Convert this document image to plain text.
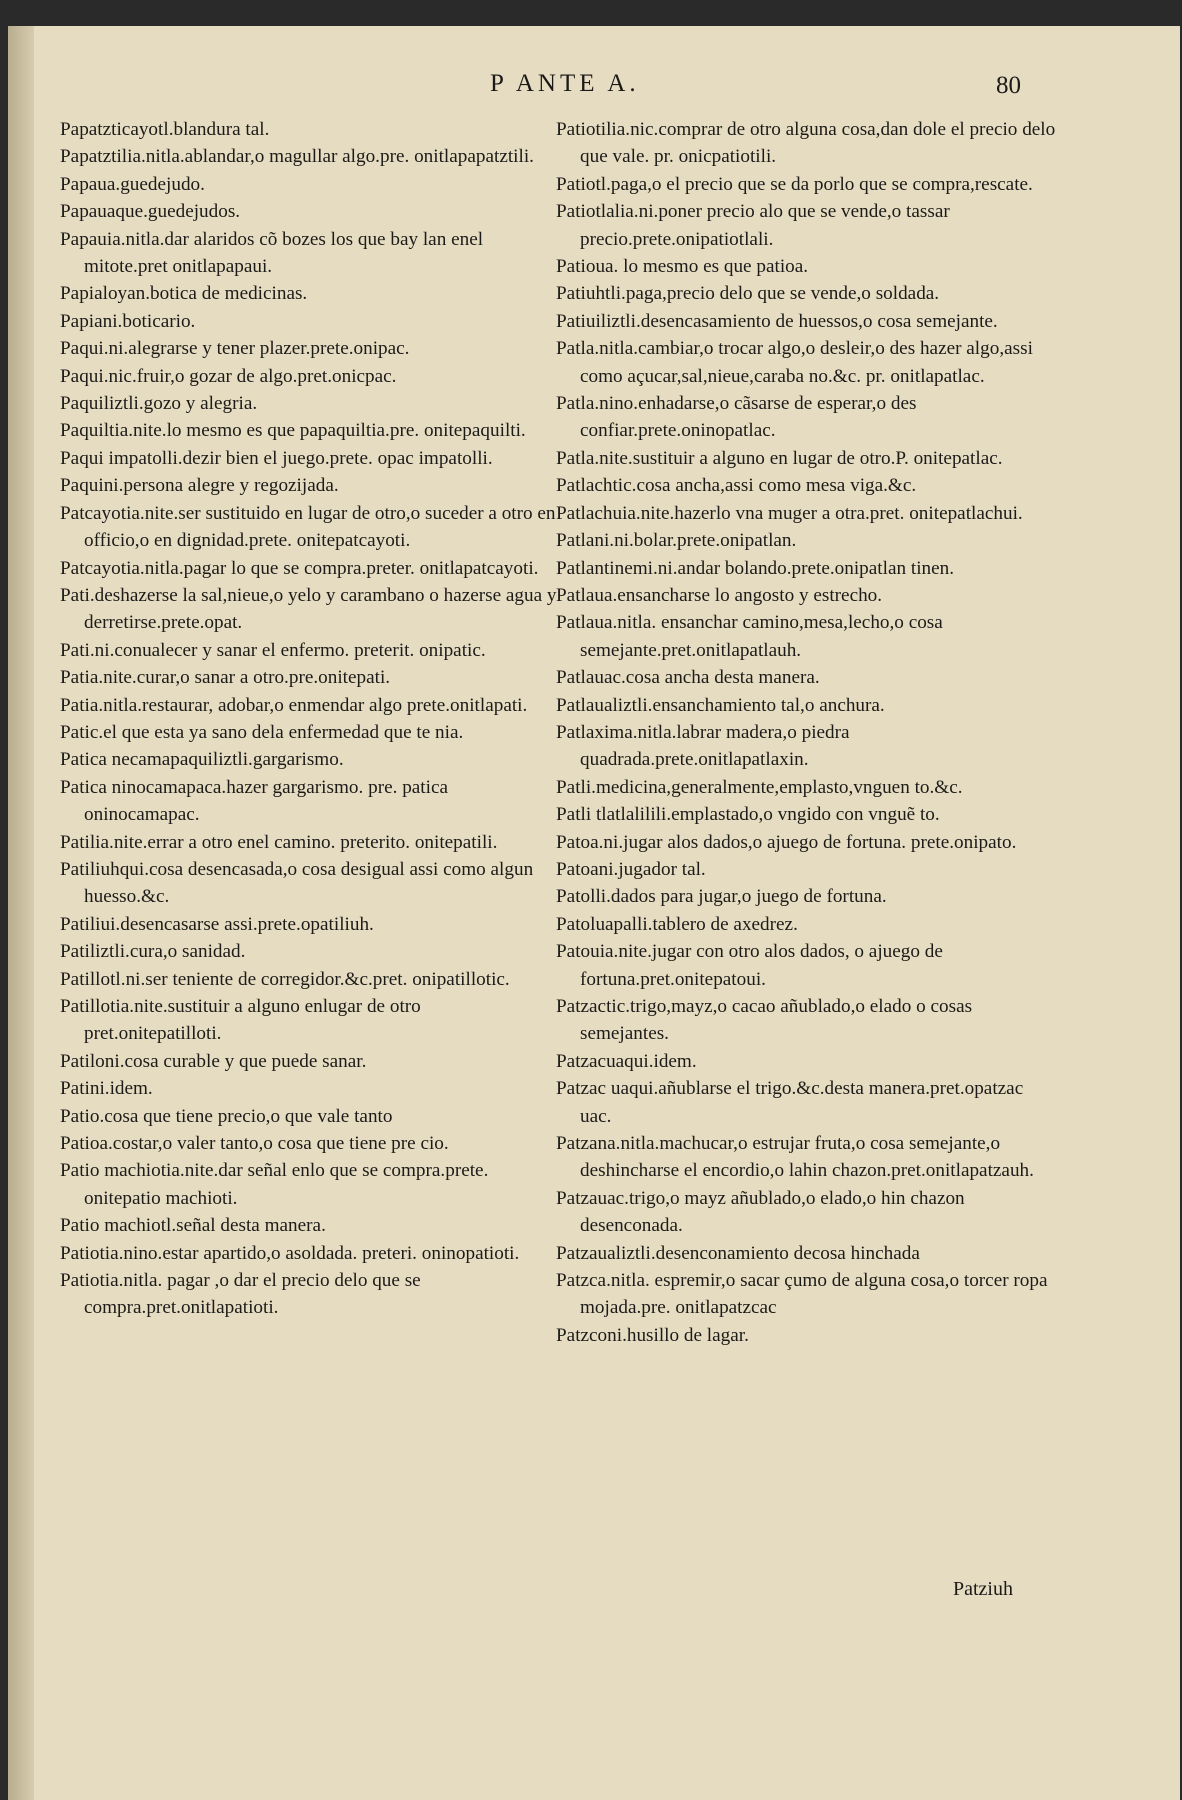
P ANTE A.	80

Papatzticayotl.blandura tal.

Papatztilia.nitla.ablandar,o magullar algo.pre. onitlapapatztili.

Papaua.guedejudo.

Papauaque.guedejudos.

Papauia.nitla.dar alaridos cõ bozes los que bay lan enel mitote.pret onitlapapaui.

Papialoyan.botica de medicinas.

Papiani.boticario.

Paqui.ni.alegrarse y tener plazer.prete.onipac.

Paqui.nic.fruir,o gozar de algo.pret.onicpac.

Paquiliztli.gozo y alegria.

Paquiltia.nite.lo mesmo es que papaquiltia.pre. onitepaquilti.

Paqui impatolli.dezir bien el juego.prete. opac impatolli.

Paquini.persona alegre y regozijada.

Patcayotia.nite.ser sustituido en lugar de otro,o suceder a otro en officio,o en dignidad.prete. onitepatcayoti.

Patcayotia.nitla.pagar lo que se compra.preter. onitlapatcayoti.

Pati.deshazerse la sal,nieue,o yelo y carambano o hazerse agua y derretirse.prete.opat.

Pati.ni.conualecer y sanar el enfermo. preterit. onipatic.

Patia.nite.curar,o sanar a otro.pre.onitepati.

Patia.nitla.restaurar, adobar,o enmendar algo prete.onitlapati.

Patic.el que esta ya sano dela enfermedad que te nia.

Patica necamapaquiliztli.gargarismo.

Patica ninocamapaca.hazer gargarismo. pre. patica oninocamapac.

Patilia.nite.errar a otro enel camino. preterito. onitepatili.

Patiliuhqui.cosa desencasada,o cosa desigual assi como algun huesso.&c.

Patiliui.desencasarse assi.prete.opatiliuh.

Patiliztli.cura,o sanidad.

Patillotl.ni.ser teniente de corregidor.&c.pret. onipatillotic.

Patillotia.nite.sustituir a alguno enlugar de otro pret.onitepatilloti.

Patiloni.cosa curable y que puede sanar.

Patini.idem.

Patio.cosa que tiene precio,o que vale tanto

Patioa.costar,o valer tanto,o cosa que tiene pre cio.

Patio machiotia.nite.dar señal enlo que se compra.prete. onitepatio machioti.

Patio machiotl.señal desta manera.

Patiotia.nino.estar apartido,o asoldada. preteri. oninopatioti.

Patiotia.nitla. pagar ,o dar el precio delo que se compra.pret.onitlapatioti.

Patiotilia.nic.comprar de otro alguna cosa,dan dole el precio delo que vale. pr. onicpatiotili.

Patiotl.paga,o el precio que se da porlo que se compra,rescate.

Patiotlalia.ni.poner precio alo que se vende,o tassar precio.prete.onipatiotlali.

Patioua. lo mesmo es que patioa.

Patiuhtli.paga,precio delo que se vende,o soldada.

Patiuiliztli.desencasamiento de huessos,o cosa semejante.

Patla.nitla.cambiar,o trocar algo,o desleir,o des hazer algo,assi como açucar,sal,nieue,caraba no.&c. pr. onitlapatlac.

Patla.nino.enhadarse,o cãsarse de esperar,o des confiar.prete.oninopatlac.

Patla.nite.sustituir a alguno en lugar de otro.P. onitepatlac.

Patlachtic.cosa ancha,assi como mesa viga.&c.

Patlachuia.nite.hazerlo vna muger a otra.pret. onitepatlachui.

Patlani.ni.bolar.prete.onipatlan.

Patlantinemi.ni.andar bolando.prete.onipatlan tinen.

Patlaua.ensancharse lo angosto y estrecho.

Patlaua.nitla. ensanchar camino,mesa,lecho,o cosa semejante.pret.onitlapatlauh.

Patlauac.cosa ancha desta manera.

Patlaualiztli.ensanchamiento tal,o anchura.

Patlaxima.nitla.labrar madera,o piedra quadrada.prete.onitlapatlaxin.

Patli.medicina,generalmente,emplasto,vnguen to.&c.

Patli tlatlalilili.emplastado,o vngido con vnguẽ to.

Patoa.ni.jugar alos dados,o ajuego de fortuna. prete.onipato.

Patoani.jugador tal.

Patolli.dados para jugar,o juego de fortuna.

Patoluapalli.tablero de axedrez.

Patouia.nite.jugar con otro alos dados, o ajuego de fortuna.pret.onitepatoui.

Patzactic.trigo,mayz,o cacao añublado,o elado o cosas semejantes.

Patzacuaqui.idem.

Patzac uaqui.añublarse el trigo.&c.desta manera.pret.opatzac uac.

Patzana.nitla.machucar,o estrujar fruta,o cosa semejante,o deshincharse el encordio,o lahin chazon.pret.onitlapatzauh.

Patzauac.trigo,o mayz añublado,o elado,o hin chazon desenconada.

Patzaualiztli.desenconamiento decosa hinchada

Patzca.nitla. espremir,o sacar çumo de alguna cosa,o torcer ropa mojada.pre. onitlapatzcac

Patzconi.husillo de lagar.

Patziuh
